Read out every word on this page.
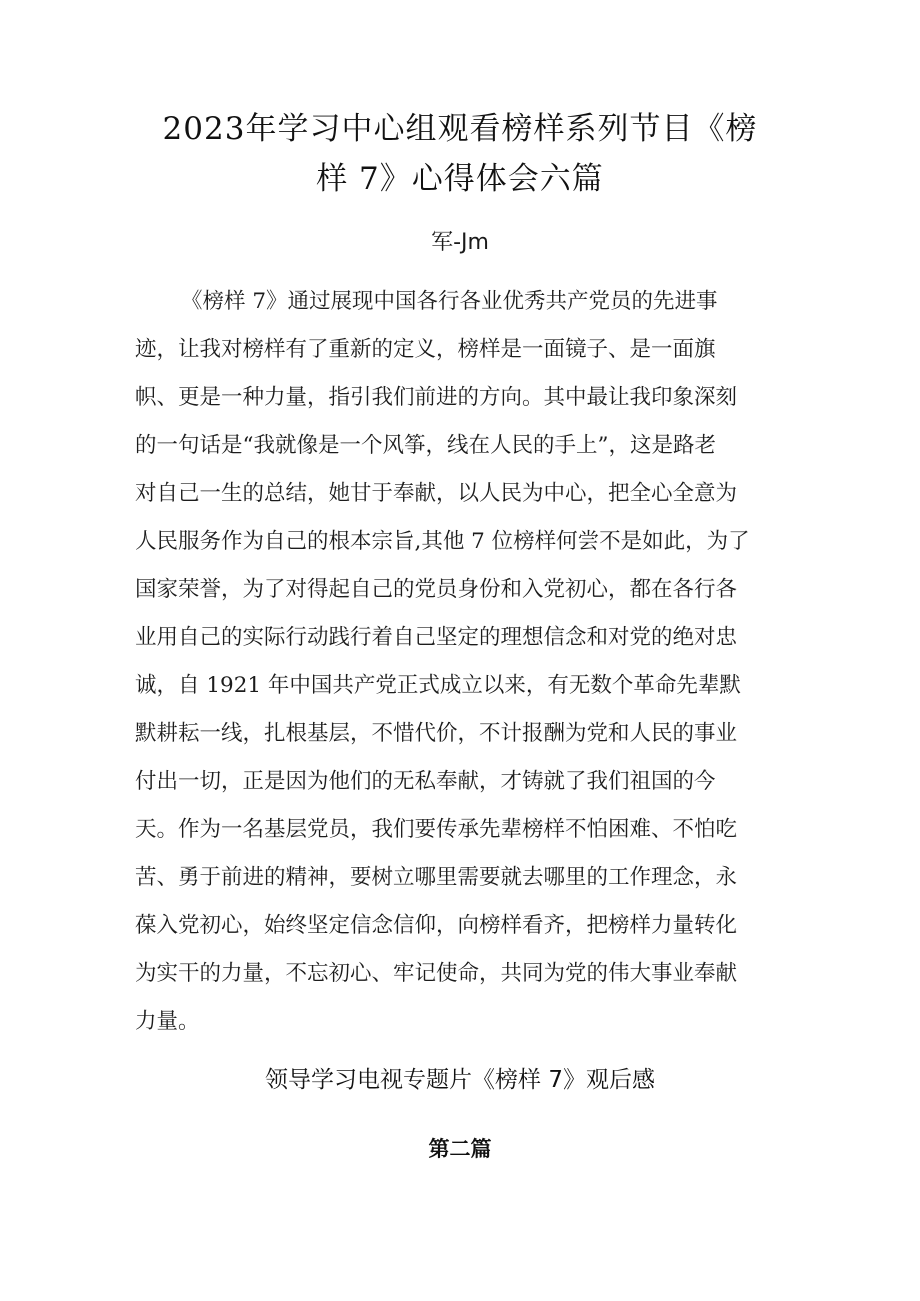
2023年学习中心组观看榜样系列节目《榜
样 7》心得体会六篇
军-Jm
《榜样 7》通过展现中国各行各业优秀共产党员的先进事
迹，让我对榜样有了重新的定义，榜样是一面镜子、是一面旗
帜、更是一种力量，指引我们前进的方向。其中最让我印象深刻
的一句话是“我就像是一个风筝，线在人民的手上”，这是路老
对自己一生的总结，她甘于奉献，以人民为中心，把全心全意为
人民服务作为自己的根本宗旨,其他 7 位榜样何尝不是如此，为了
国家荣誉，为了对得起自己的党员身份和入党初心，都在各行各
业用自己的实际行动践行着自己坚定的理想信念和对党的绝对忠
诚，自 1921 年中国共产党正式成立以来，有无数个革命先辈默
默耕耘一线，扎根基层，不惜代价，不计报酬为党和人民的事业
付出一切，正是因为他们的无私奉献，才铸就了我们祖国的今
天。作为一名基层党员，我们要传承先辈榜样不怕困难、不怕吃
苦、勇于前进的精神，要树立哪里需要就去哪里的工作理念，永
葆入党初心，始终坚定信念信仰，向榜样看齐，把榜样力量转化
为实干的力量，不忘初心、牢记使命，共同为党的伟大事业奉献
力量。
领导学习电视专题片《榜样 7》观后感
第二篇
